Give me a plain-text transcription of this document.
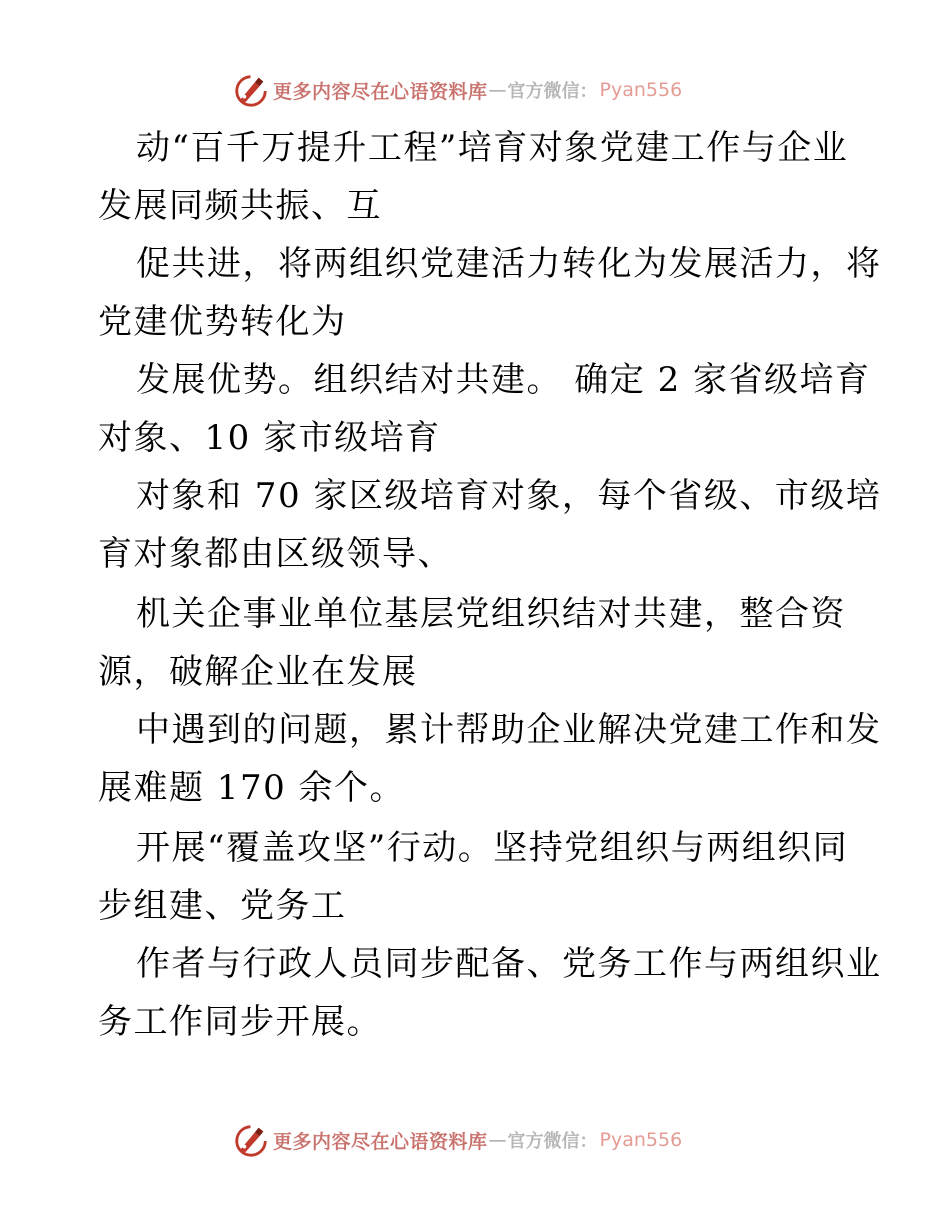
更多内容尽在心语资料库 — 官方微信： Pyan556
动“百千万提升工程”培育对象党建工作与企业
发展同频共振、互
促共进，将两组织党建活力转化为发展活力，将
党建优势转化为
发展优势。组织结对共建。 确定 2 家省级培育
对象、10 家市级培育
对象和 70 家区级培育对象，每个省级、市级培
育对象都由区级领导、
机关企事业单位基层党组织结对共建，整合资
源，破解企业在发展
中遇到的问题，累计帮助企业解决党建工作和发
展难题 170 余个。
开展“覆盖攻坚”行动。坚持党组织与两组织同
步组建、党务工
作者与行政人员同步配备、党务工作与两组织业
务工作同步开展。
更多内容尽在心语资料库 — 官方微信： Pyan556
